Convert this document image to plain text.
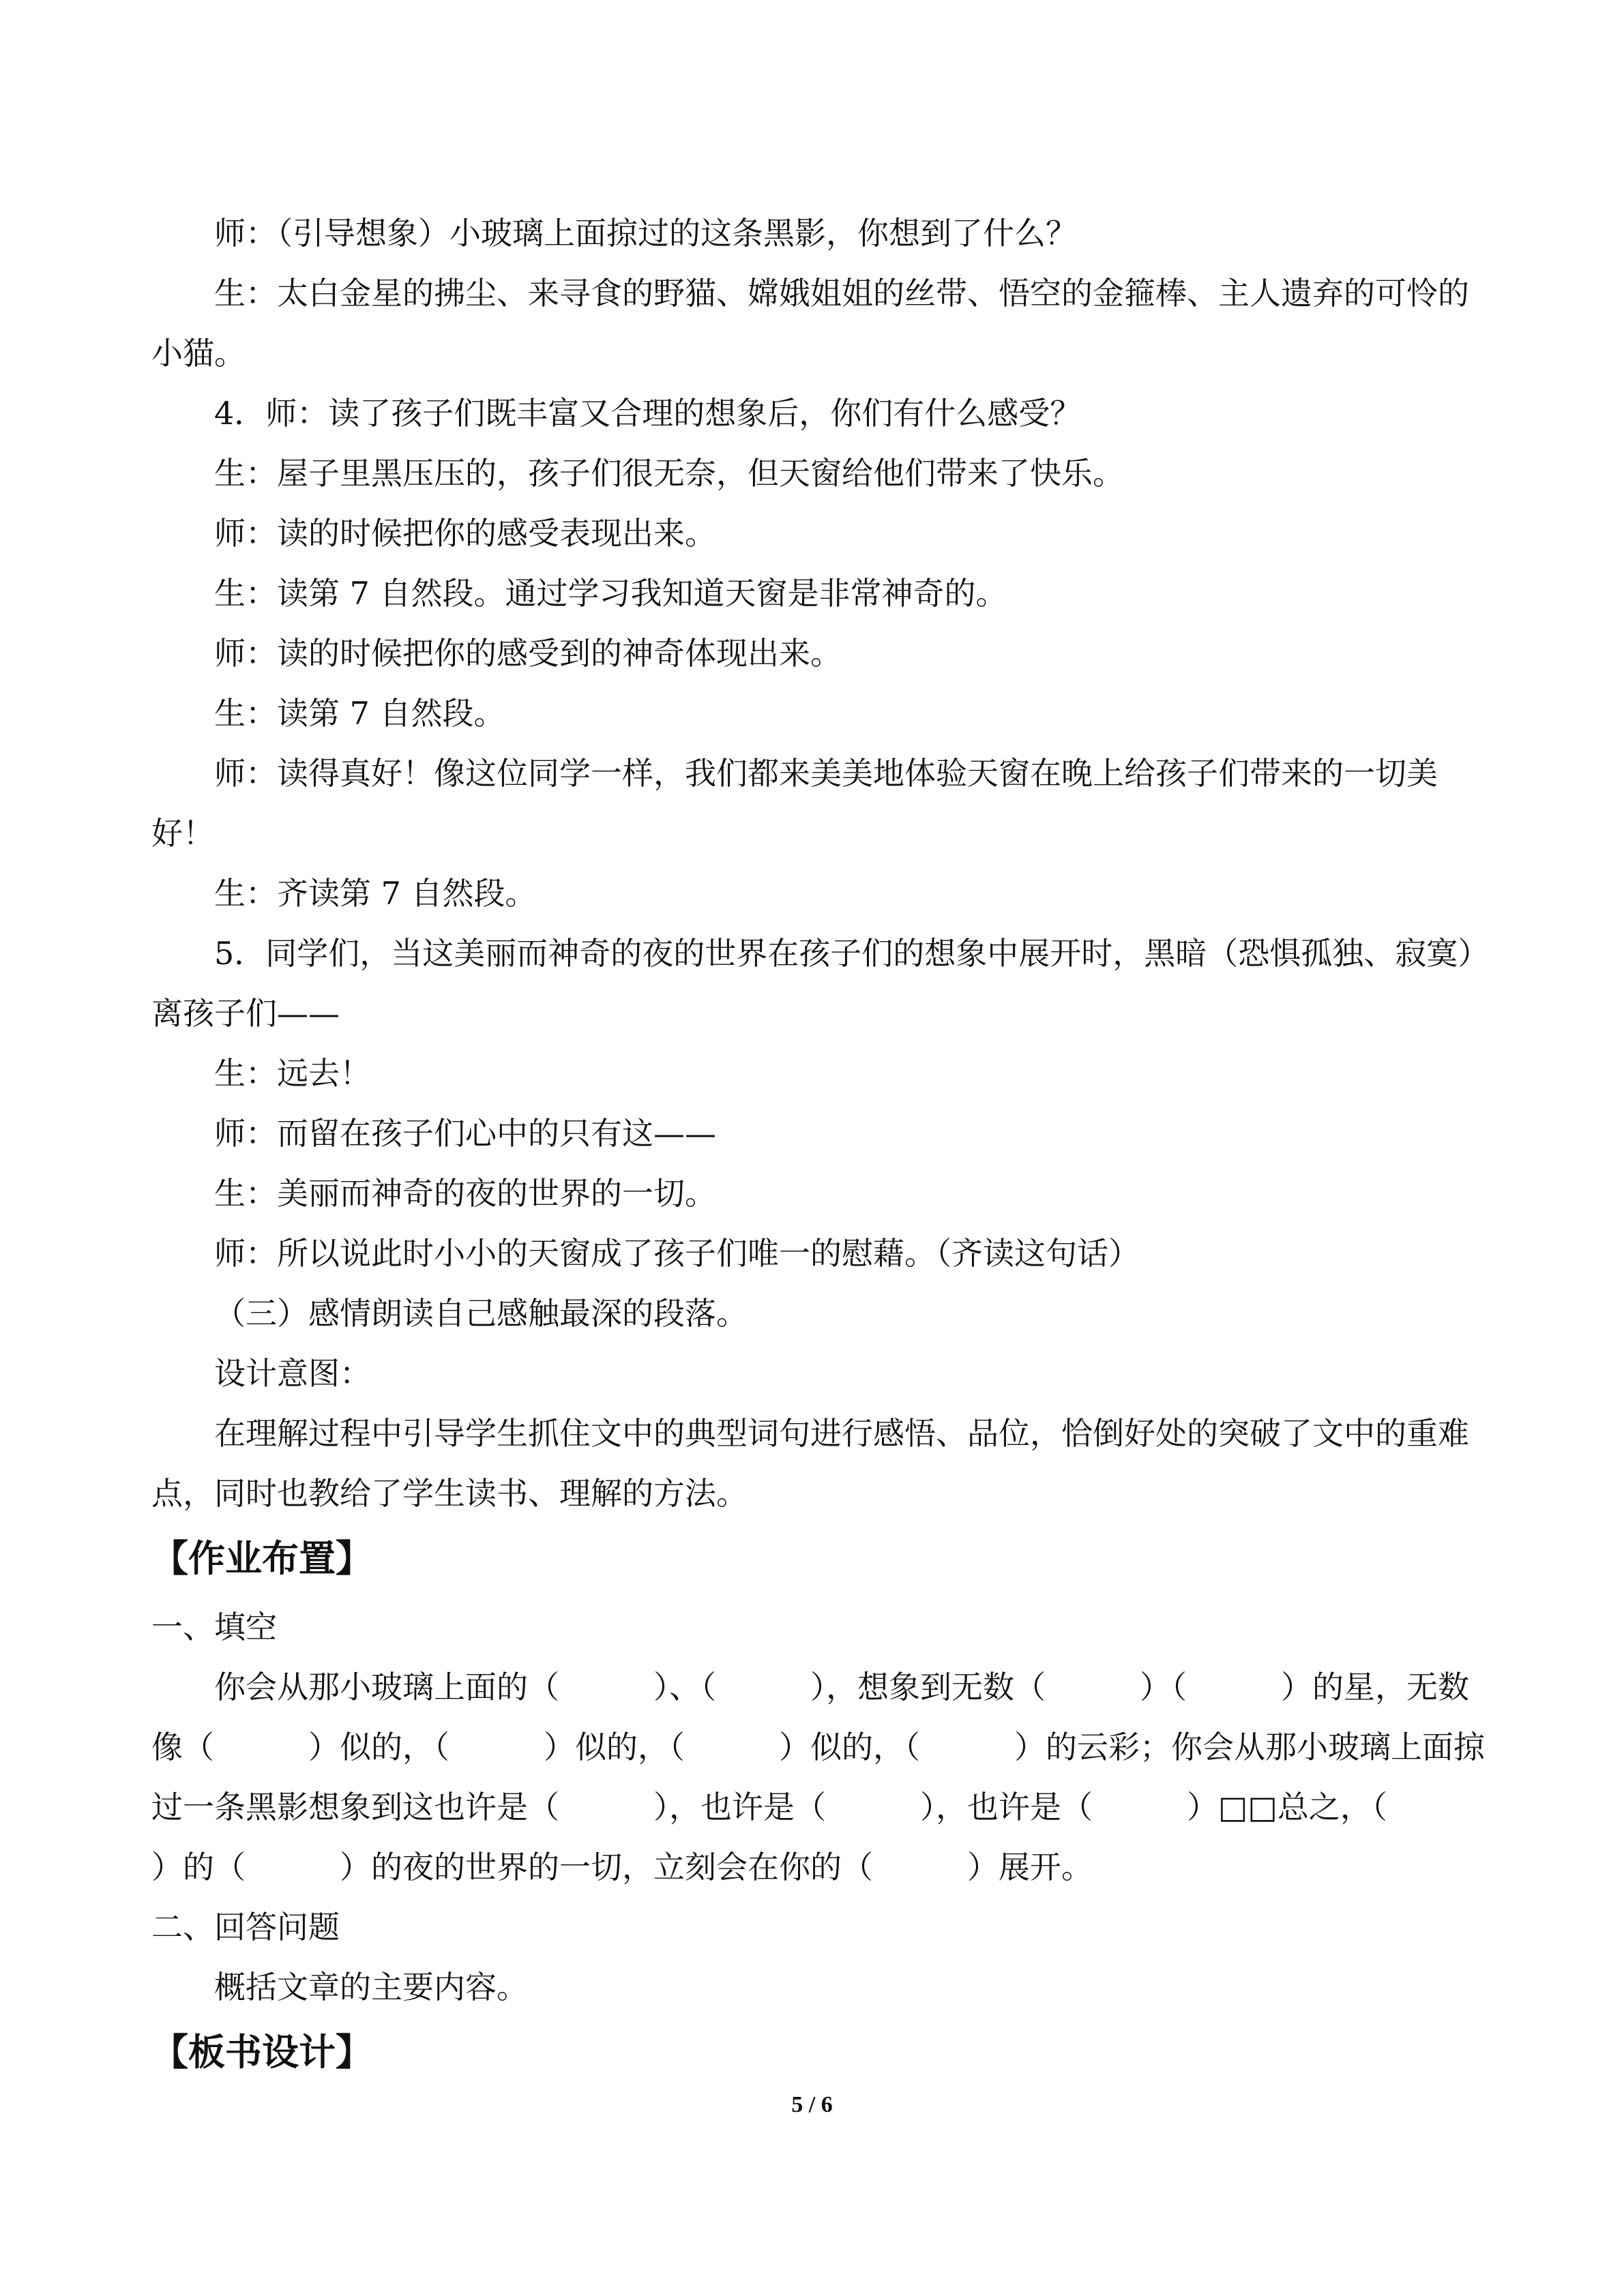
师：（引导想象）小玻璃上面掠过的这条黑影，你想到了什么？

生：太白金星的拂尘、来寻食的野猫、嫦娥姐姐的丝带、悟空的金箍棒、主人遗弃的可怜的小猫。

4．师：读了孩子们既丰富又合理的想象后，你们有什么感受？

生：屋子里黑压压的，孩子们很无奈，但天窗给他们带来了快乐。

师：读的时候把你的感受表现出来。

生：读第 7 自然段。通过学习我知道天窗是非常神奇的。

师：读的时候把你的感受到的神奇体现出来。

生：读第 7 自然段。

师：读得真好！像这位同学一样，我们都来美美地体验天窗在晚上给孩子们带来的一切美好！

生：齐读第 7 自然段。

5．同学们，当这美丽而神奇的夜的世界在孩子们的想象中展开时，黑暗（恐惧孤独、寂寞）离孩子们——

生：远去！

师：而留在孩子们心中的只有这——

生：美丽而神奇的夜的世界的一切。

师：所以说此时小小的天窗成了孩子们唯一的慰藉。（齐读这句话）

（三）感情朗读自己感触最深的段落。

设计意图：

在理解过程中引导学生抓住文中的典型词句进行感悟、品位，恰倒好处的突破了文中的重难点，同时也教给了学生读书、理解的方法。

【作业布置】

一、填空

你会从那小玻璃上面的（　　　）、（　　　），想象到无数（　　　）（　　　）的星，无数像（　　　）似的，（　　　）似的，（　　　）似的，（　　　）的云彩；你会从那小玻璃上面掠过一条黑影想象到这也许是（　　　），也许是（　　　），也许是（　　　）□□总之，（　　　）的（　　　）的夜的世界的一切，立刻会在你的（　　　）展开。

二、回答问题

概括文章的主要内容。

【板书设计】

5 / 6
